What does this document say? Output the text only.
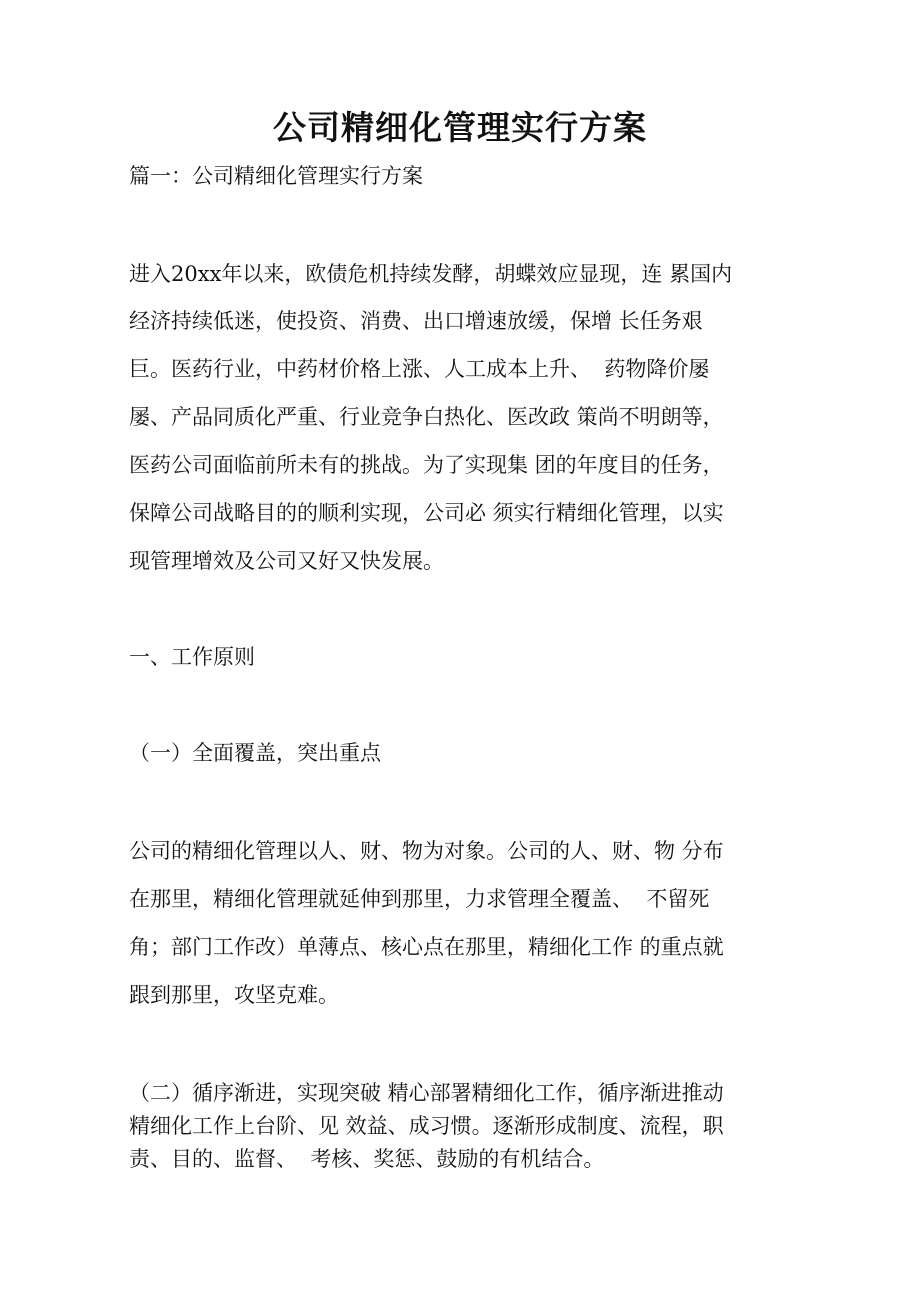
公司精细化管理实行方案

篇一：公司精细化管理实行方案

进入20xx年以来，欧债危机持续发酵，胡蝶效应显现，连 累国内

经济持续低迷，使投资、消费、出口增速放缓，保增 长任务艰

巨。医药行业，中药材价格上涨、人工成本上升、  药物降价屡

屡、产品同质化严重、行业竞争白热化、医改政 策尚不明朗等，

医药公司面临前所未有的挑战。为了实现集 团的年度目的任务，

保障公司战略目的的顺利实现，公司必 须实行精细化管理，以实

现管理增效及公司又好又快发展。

一、工作原则

（一）全面覆盖，突出重点

公司的精细化管理以人、财、物为对象。公司的人、财、物 分布

在那里，精细化管理就延伸到那里，力求管理全覆盖、  不留死

角；部门工作改）单薄点、核心点在那里，精细化工作 的重点就

跟到那里，攻坚克难。

（二）循序渐进，实现突破 精心部署精细化工作，循序渐进推动

精细化工作上台阶、见 效益、成习惯。逐渐形成制度、流程，职

责、目的、监督、  考核、奖惩、鼓励的有机结合。
